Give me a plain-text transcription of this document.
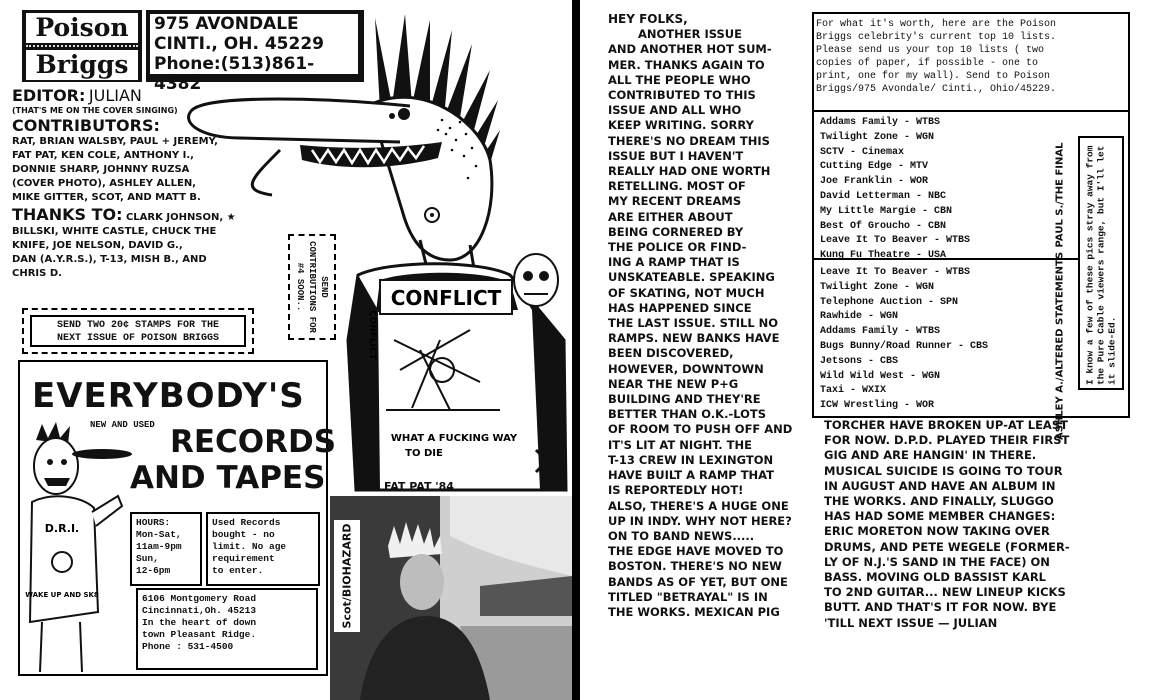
Poison
Briggs
975 AVONDALE
CINTI., OH. 45229
Phone:(513)861-4382
EDITOR: JULIAN
(THAT'S ME ON THE COVER SINGING)
CONTRIBUTORS:
RAT, BRIAN WALSBY, PAUL + JEREMY,
FAT PAT, KEN COLE, ANTHONY I.,
DONNIE SHARP, JOHNNY RUZSA
(COVER PHOTO), ASHLEY ALLEN,
MIKE GITTER, SCOT, AND MATT B.
THANKS TO: CLARK JOHNSON, ★
BILLSKI, WHITE CASTLE, CHUCK THE
KNIFE, JOE NELSON, DAVID G.,
DAN (A.Y.R.S.), T-13, MISH B., AND
CHRIS D.
CONFLICT
WHAT A FUCKING WAY
TO DIE
CONFLICT
SEND CONTRIBUTIONS FOR #4 SOON..
SEND TWO 20¢ STAMPS FOR THE
NEXT ISSUE OF POISON BRIGGS
EVERYBODY'S
NEW AND USED RECORDS
AND TAPES
D.R.I.
WAKE UP AND SK8
HOURS:
Mon-Sat,
11am-9pm
Sun,
12-6pm
Used Records
bought - no
limit. No age
requirement
to enter.
6106 Montgomery Road
Cincinnati,Oh. 45213
In the heart of down
town Pleasant Ridge.
Phone : 531-4500
FAT PAT '84
Scot/BIOHAZARD

HEY FOLKS,

ANOTHER ISSUE

AND ANOTHER HOT SUM-

MER. THANKS AGAIN TO

ALL THE PEOPLE WHO

CONTRIBUTED TO THIS

ISSUE AND ALL WHO

KEEP WRITING. SORRY

THERE'S NO DREAM THIS

ISSUE BUT I HAVEN'T

REALLY HAD ONE WORTH

RETELLING. MOST OF

MY RECENT DREAMS

ARE EITHER ABOUT

BEING CORNERED BY

THE POLICE OR FIND-

ING A RAMP THAT IS

UNSKATEABLE. SPEAKING

OF SKATING, NOT MUCH

HAS HAPPENED SINCE

THE LAST ISSUE. STILL NO

RAMPS. NEW BANKS HAVE

BEEN DISCOVERED,

HOWEVER, DOWNTOWN

NEAR THE NEW P+G

BUILDING AND THEY'RE

BETTER THAN O.K.-LOTS

OF ROOM TO PUSH OFF AND

IT'S LIT AT NIGHT. THE

T-13 CREW IN LEXINGTON

HAVE BUILT A RAMP THAT

IS REPORTEDLY HOT!

ALSO, THERE'S A HUGE ONE

UP IN INDY. WHY NOT HERE?

ON TO BAND NEWS.....

THE EDGE HAVE MOVED TO

BOSTON. THERE'S NO NEW

BANDS AS OF YET, BUT ONE

TITLED "BETRAYAL" IS IN

THE WORKS. MEXICAN PIG

For what it's worth, here are the Poison
Briggs celebrity's current top 10 lists.
Please send us your top 10 lists ( two
copies of paper, if possible - one to
print, one for my wall). Send to Poison
Briggs/975 Avondale/ Cinti., Ohio/45229.
Addams Family - WTBS
Twilight Zone - WGN
SCTV - Cinemax
Cutting Edge - MTV
Joe Franklin - WOR
David Letterman - NBC
My Little Margie - CBN
Best Of Groucho - CBN
Leave It To Beaver - WTBS
Kung Fu Theatre - USA
PAUL S./THE FINAL
Leave It To Beaver - WTBS
Twilight Zone - WGN
Telephone Auction - SPN
Rawhide - WGN
Addams Family - WTBS
Bugs Bunny/Road Runner - CBS
Jetsons - CBS
Wild Wild West - WGN
Taxi - WXIX
ICW Wrestling - WOR	ASHLEY A./ALTERED STATEMENTS I know a few of these pics stray away from the Pure Cable viewers range, but I'll let it slide-Ed.
TORCHER HAVE BROKEN UP-AT LEAST
FOR NOW. D.P.D. PLAYED THEIR FIRST
GIG AND ARE HANGIN' IN THERE.
MUSICAL SUICIDE IS GOING TO TOUR
IN AUGUST AND HAVE AN ALBUM IN
THE WORKS. AND FINALLY, SLUGGO
HAS HAD SOME MEMBER CHANGES:
ERIC MORETON NOW TAKING OVER
DRUMS, AND PETE WEGELE (FORMER-
LY OF N.J.'S SAND IN THE FACE) ON
BASS. MOVING OLD BASSIST KARL
TO 2ND GUITAR... NEW LINEUP KICKS
BUTT. AND THAT'S IT FOR NOW. BYE
'TILL NEXT ISSUE — JULIAN
